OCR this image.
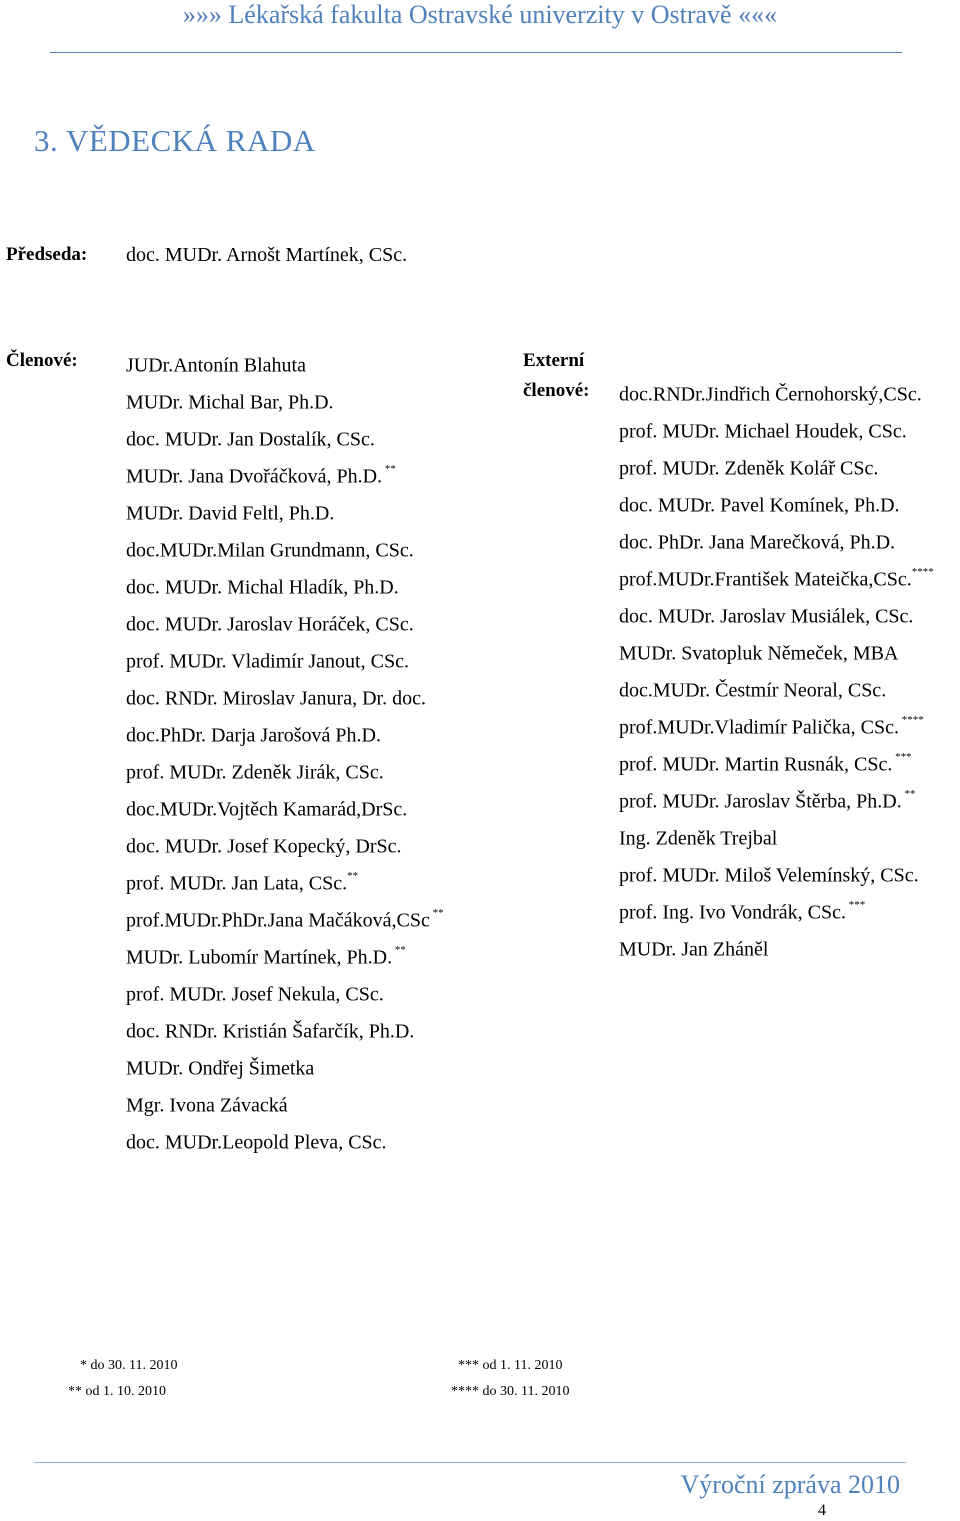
»»» Lékařská fakulta Ostravské univerzity v Ostravě «««
3. VĚDECKÁ RADA
Předseda: doc. MUDr. Arnošt Martínek, CSc.
Členové: JUDr.Antonín Blahuta
MUDr. Michal Bar, Ph.D.
doc. MUDr. Jan Dostalík, CSc.
MUDr. Jana Dvořáčková, Ph.D. **
MUDr. David Feltl, Ph.D.
doc.MUDr.Milan Grundmann, CSc.
doc. MUDr. Michal Hladík, Ph.D.
doc. MUDr. Jaroslav Horáček, CSc.
prof. MUDr. Vladimír Janout, CSc.
doc. RNDr. Miroslav Janura, Dr. doc.
doc.PhDr. Darja Jarošová Ph.D.
prof. MUDr. Zdeněk Jirák, CSc.
doc.MUDr.Vojtěch Kamarád,DrSc.
doc. MUDr. Josef Kopecký, DrSc.
prof. MUDr. Jan Lata, CSc.**
prof.MUDr.PhDr.Jana Mačáková,CSc **
MUDr. Lubomír Martínek, Ph.D. **
prof. MUDr. Josef Nekula, CSc.
doc. RNDr. Kristián Šafarčík, Ph.D.
MUDr. Ondřej Šimetka
Mgr. Ivona Závacká
doc. MUDr.Leopold Pleva, CSc.
Externí
členové: doc.RNDr.Jindřich Černohorský,CSc.
prof. MUDr. Michael Houdek, CSc.
prof. MUDr. Zdeněk Kolář CSc.
doc. MUDr. Pavel Komínek, Ph.D.
doc. PhDr. Jana Marečková, Ph.D.
prof.MUDr.František Mateička,CSc.****
doc. MUDr. Jaroslav Musiálek, CSc.
MUDr. Svatopluk Němeček, MBA
doc.MUDr. Čestmír Neoral, CSc.
prof.MUDr.Vladimír Palička, CSc. ****
prof. MUDr. Martin Rusnák, CSc. ***
prof. MUDr. Jaroslav Štěrba, Ph.D. **
Ing. Zdeněk Trejbal
prof. MUDr. Miloš Velemínský, CSc.
prof. Ing. Ivo Vondrák, CSc. ***
MUDr. Jan Zháněl
* do 30. 11. 2010
** od 1. 10. 2010
*** od 1. 11. 2010
**** do 30. 11. 2010
Výroční zpráva 2010
4
